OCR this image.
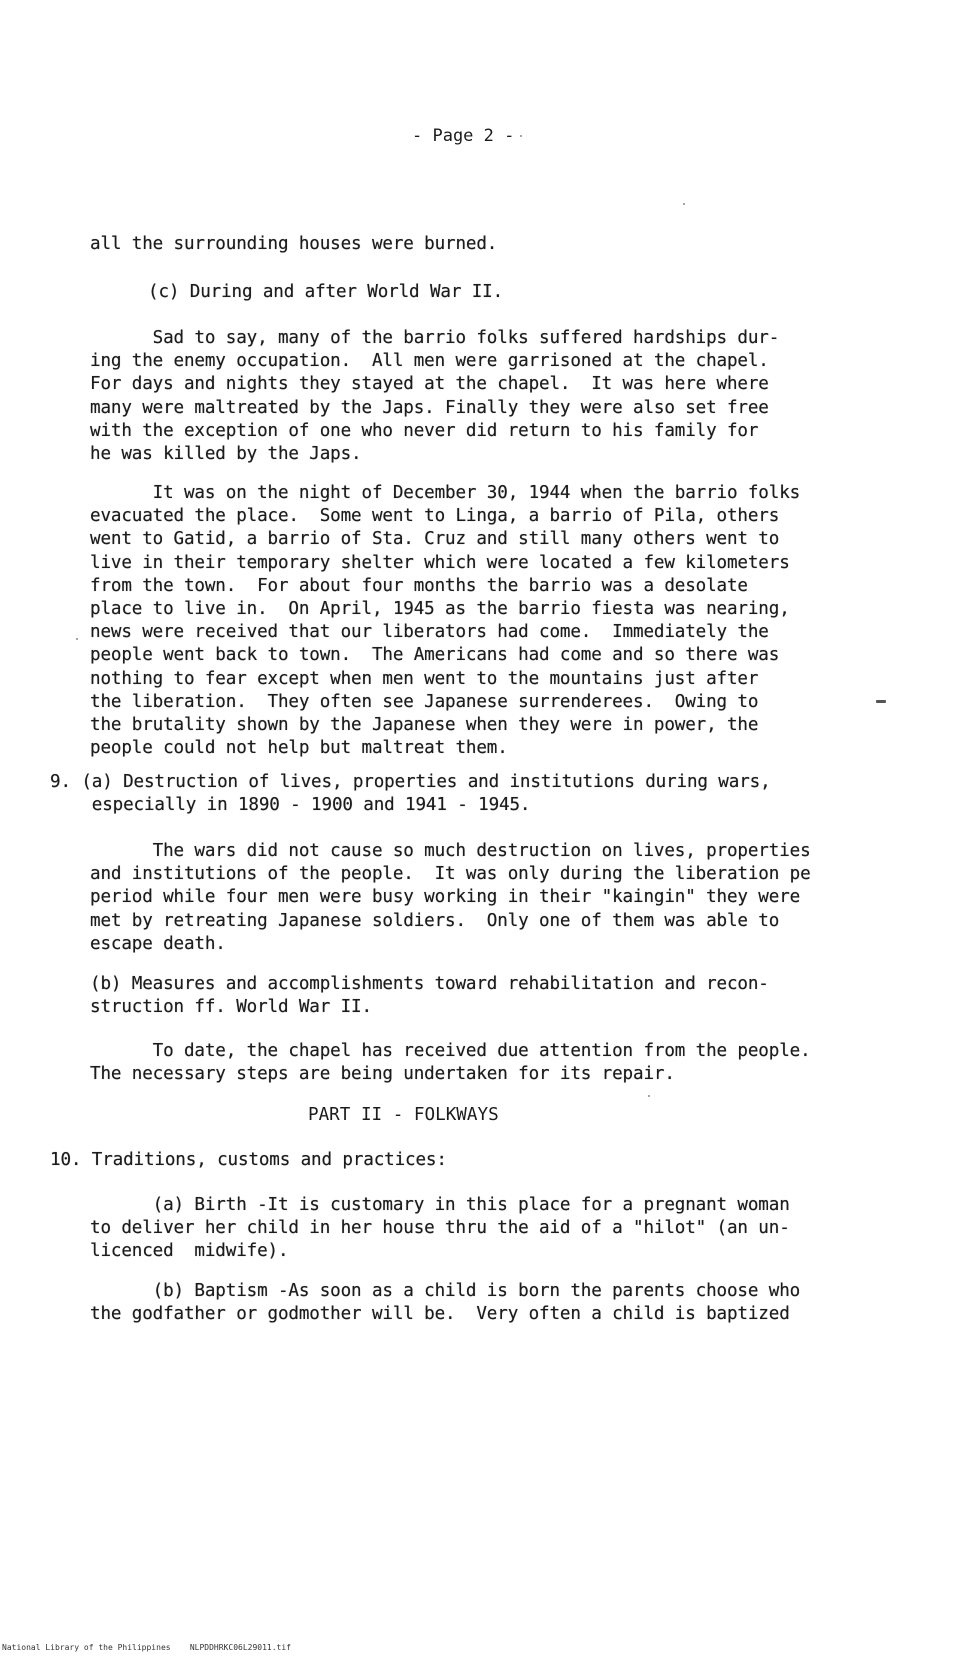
- Page 2 -
all the surrounding houses were burned.
(c) During and after World War II.
Sad to say, many of the barrio folks suffered hardships dur-
ing the enemy occupation.  All men were garrisoned at the chapel.
For days and nights they stayed at the chapel.  It was here where
many were maltreated by the Japs. Finally they were also set free
with the exception of one who never did return to his family for
he was killed by the Japs.
It was on the night of December 30, 1944 when the barrio folks
evacuated the place.  Some went to Linga, a barrio of Pila, others
went to Gatid, a barrio of Sta. Cruz and still many others went to
live in their temporary shelter which were located a few kilometers
from the town.  For about four months the barrio was a desolate
place to live in.  On April, 1945 as the barrio fiesta was nearing,
news were received that our liberators had come.  Immediately the
people went back to town.  The Americans had come and so there was
nothing to fear except when men went to the mountains just after
the liberation.  They often see Japanese surrenderees.  Owing to
the brutality shown by the Japanese when they were in power, the
people could not help but maltreat them.
9. (a) Destruction of lives, properties and institutions during wars,
especially in 1890 - 1900 and 1941 - 1945.
The wars did not cause so much destruction on lives, properties
and institutions of the people.  It was only during the liberation pe
period while four men were busy working in their "kaingin" they were
met by retreating Japanese soldiers.  Only one of them was able to
escape death.
(b) Measures and accomplishments toward rehabilitation and recon-
struction ff. World War II.
To date, the chapel has received due attention from the people.
The necessary steps are being undertaken for its repair.
10. Traditions, customs and practices:
(a) Birth -It is customary in this place for a pregnant woman
to deliver her child in her house thru the aid of a "hilot" (an un-
licenced  midwife).
(b) Baptism -As soon as a child is born the parents choose who
the godfather or godmother will be.  Very often a child is baptized
PART II - FOLKWAYS
National Library of the Philippines    NLPDDHRKC06L29011.tif
